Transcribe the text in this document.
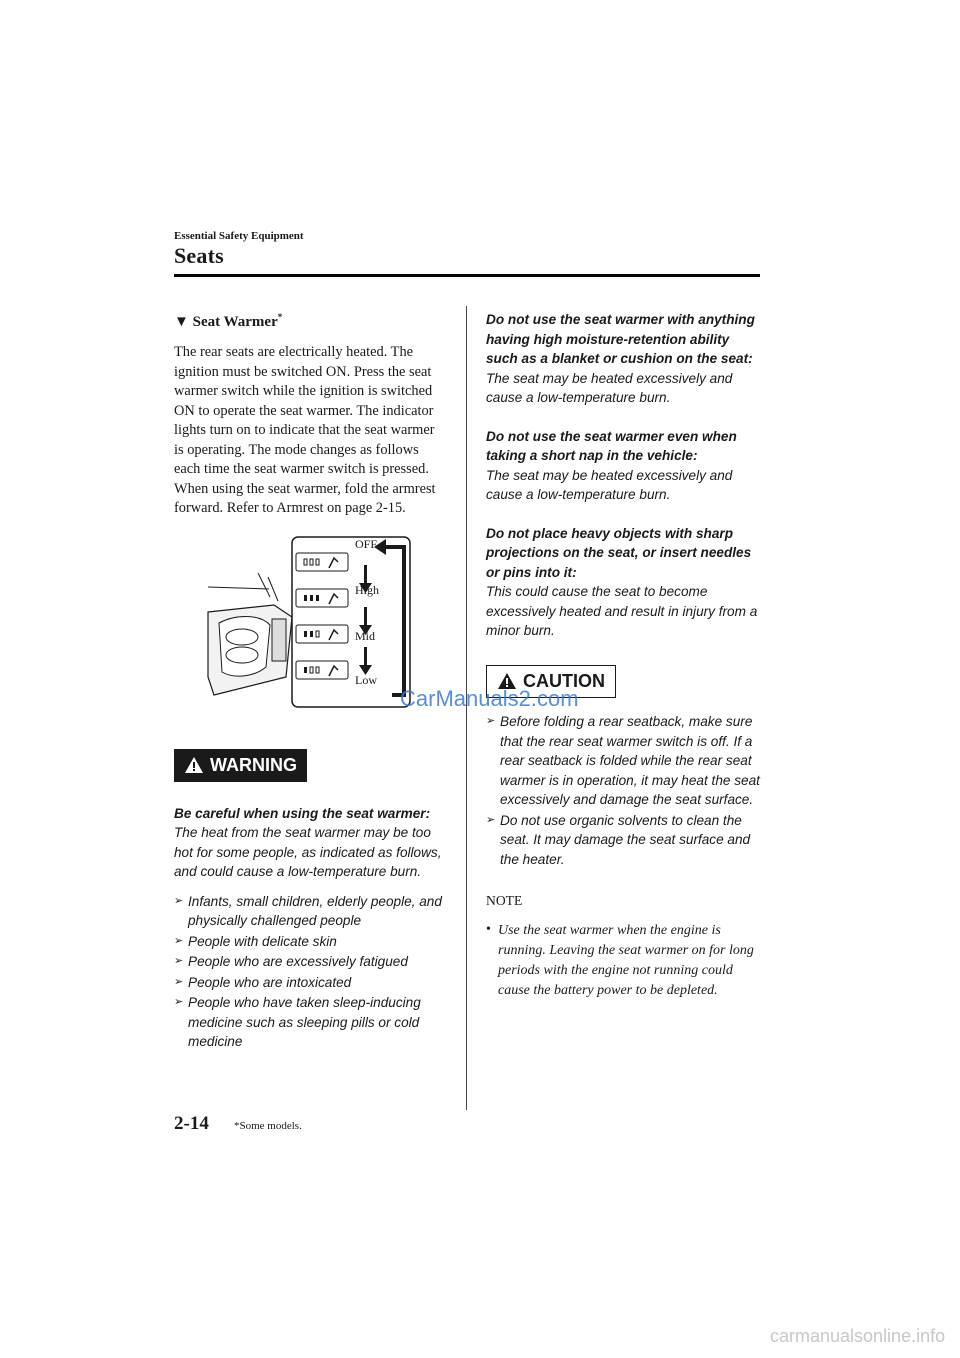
Essential Safety Equipment
Seats
▼ Seat Warmer*

The rear seats are electrically heated. The ignition must be switched ON. Press the seat warmer switch while the ignition is switched ON to operate the seat warmer. The indicator lights turn on to indicate that the seat warmer is operating. The mode changes as follows each time the seat warmer switch is pressed. When using the seat warmer, fold the armrest forward. Refer to Armrest on page 2-15.

OFF
High
Mid
Low
WARNING
Be careful when using the seat warmer:
The heat from the seat warmer may be too hot for some people, as indicated as follows, and could cause a low-temperature burn.
➢ Infants, small children, elderly people, and physically challenged people
➢ People with delicate skin
➢ People who are excessively fatigued
➢ People who are intoxicated
➢ People who have taken sleep-inducing medicine such as sleeping pills or cold medicine
Do not use the seat warmer with anything having high moisture-retention ability such as a blanket or cushion on the seat:
The seat may be heated excessively and cause a low-temperature burn.
Do not use the seat warmer even when taking a short nap in the vehicle:
The seat may be heated excessively and cause a low-temperature burn.
Do not place heavy objects with sharp projections on the seat, or insert needles or pins into it:
This could cause the seat to become excessively heated and result in injury from a minor burn.
CAUTION
➢ Before folding a rear seatback, make sure that the rear seat warmer switch is off. If a rear seatback is folded while the rear seat warmer is in operation, it may heat the seat excessively and damage the seat surface.
➢ Do not use organic solvents to clean the seat. It may damage the seat surface and the heater.
NOTE
• Use the seat warmer when the engine is running. Leaving the seat warmer on for long periods with the engine not running could cause the battery power to be depleted.
2-14 *Some models.
CarManuals2.com
carmanualsonline.info
